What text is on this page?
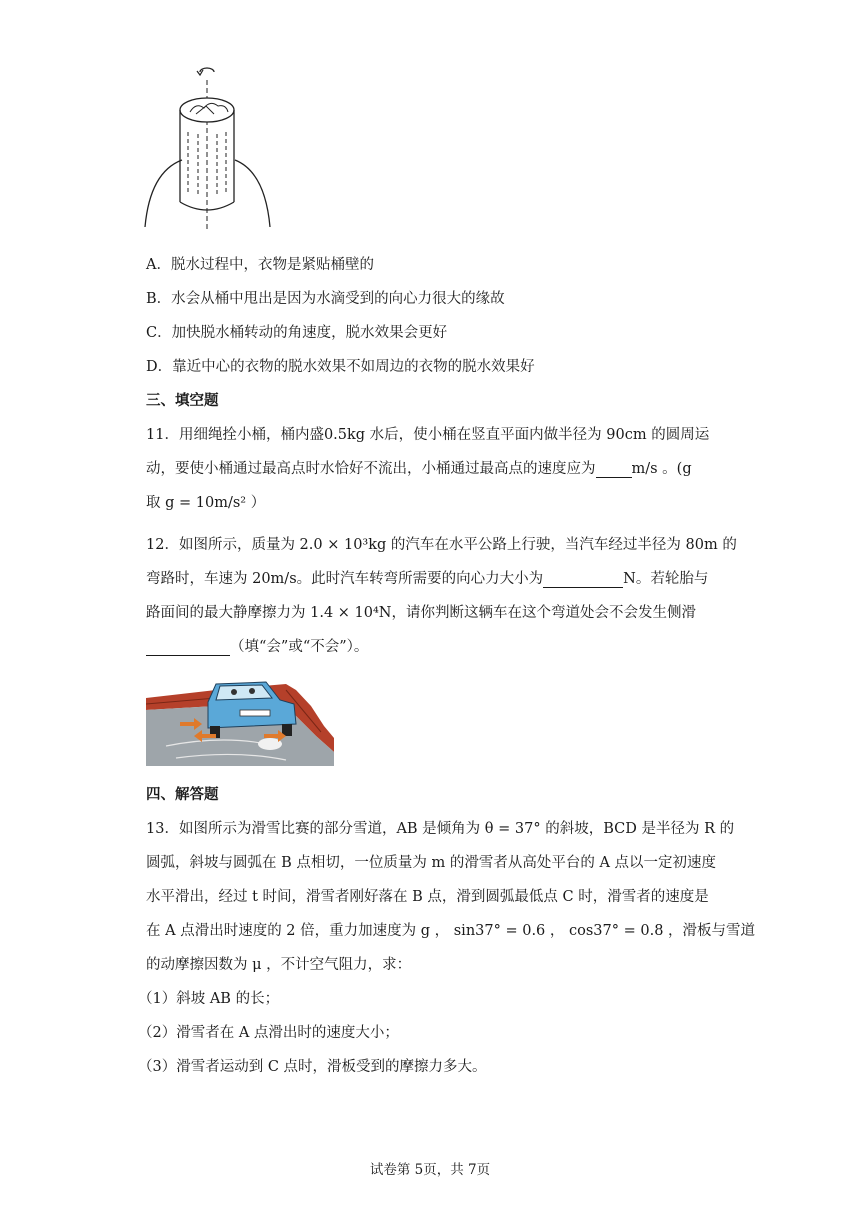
A．脱水过程中，衣物是紧贴桶壁的
B．水会从桶中甩出是因为水滴受到的向心力很大的缘故
C．加快脱水桶转动的角速度，脱水效果会更好
D．靠近中心的衣物的脱水效果不如周边的衣物的脱水效果好
三、填空题
11．用细绳拴小桶，桶内盛0.5kg 水后，使小桶在竖直平面内做半径为 90cm 的圆周运
动，要使小桶通过最高点时水恰好不流出，小桶通过最高点的速度应为 m/s 。(g
取 g = 10m/s² ）
12．如图所示，质量为 2.0 × 10³kg 的汽车在水平公路上行驶，当汽车经过半径为 80m 的
弯路时，车速为 20m/s。此时汽车转弯所需要的向心力大小为	N。若轮胎与
路面间的最大静摩擦力为 1.4 × 10⁴N，请你判断这辆车在这个弯道处会不会发生侧滑
（填“会”或“不会”）。
四、解答题
13．如图所示为滑雪比赛的部分雪道，AB 是倾角为 θ = 37° 的斜坡，BCD 是半径为 R 的
圆弧，斜坡与圆弧在 B 点相切，一位质量为 m 的滑雪者从高处平台的 A 点以一定初速度
水平滑出，经过 t 时间，滑雪者刚好落在 B 点，滑到圆弧最低点 C 时，滑雪者的速度是
在 A 点滑出时速度的 2 倍，重力加速度为 g ， sin37° = 0.6 ， cos37° = 0.8 ，滑板与雪道
的动摩擦因数为 μ ，不计空气阻力，求：
（1）斜坡 AB 的长；
（2）滑雪者在 A 点滑出时的速度大小；
（3）滑雪者运动到 C 点时，滑板受到的摩擦力多大。
试卷第 5页，共 7页
